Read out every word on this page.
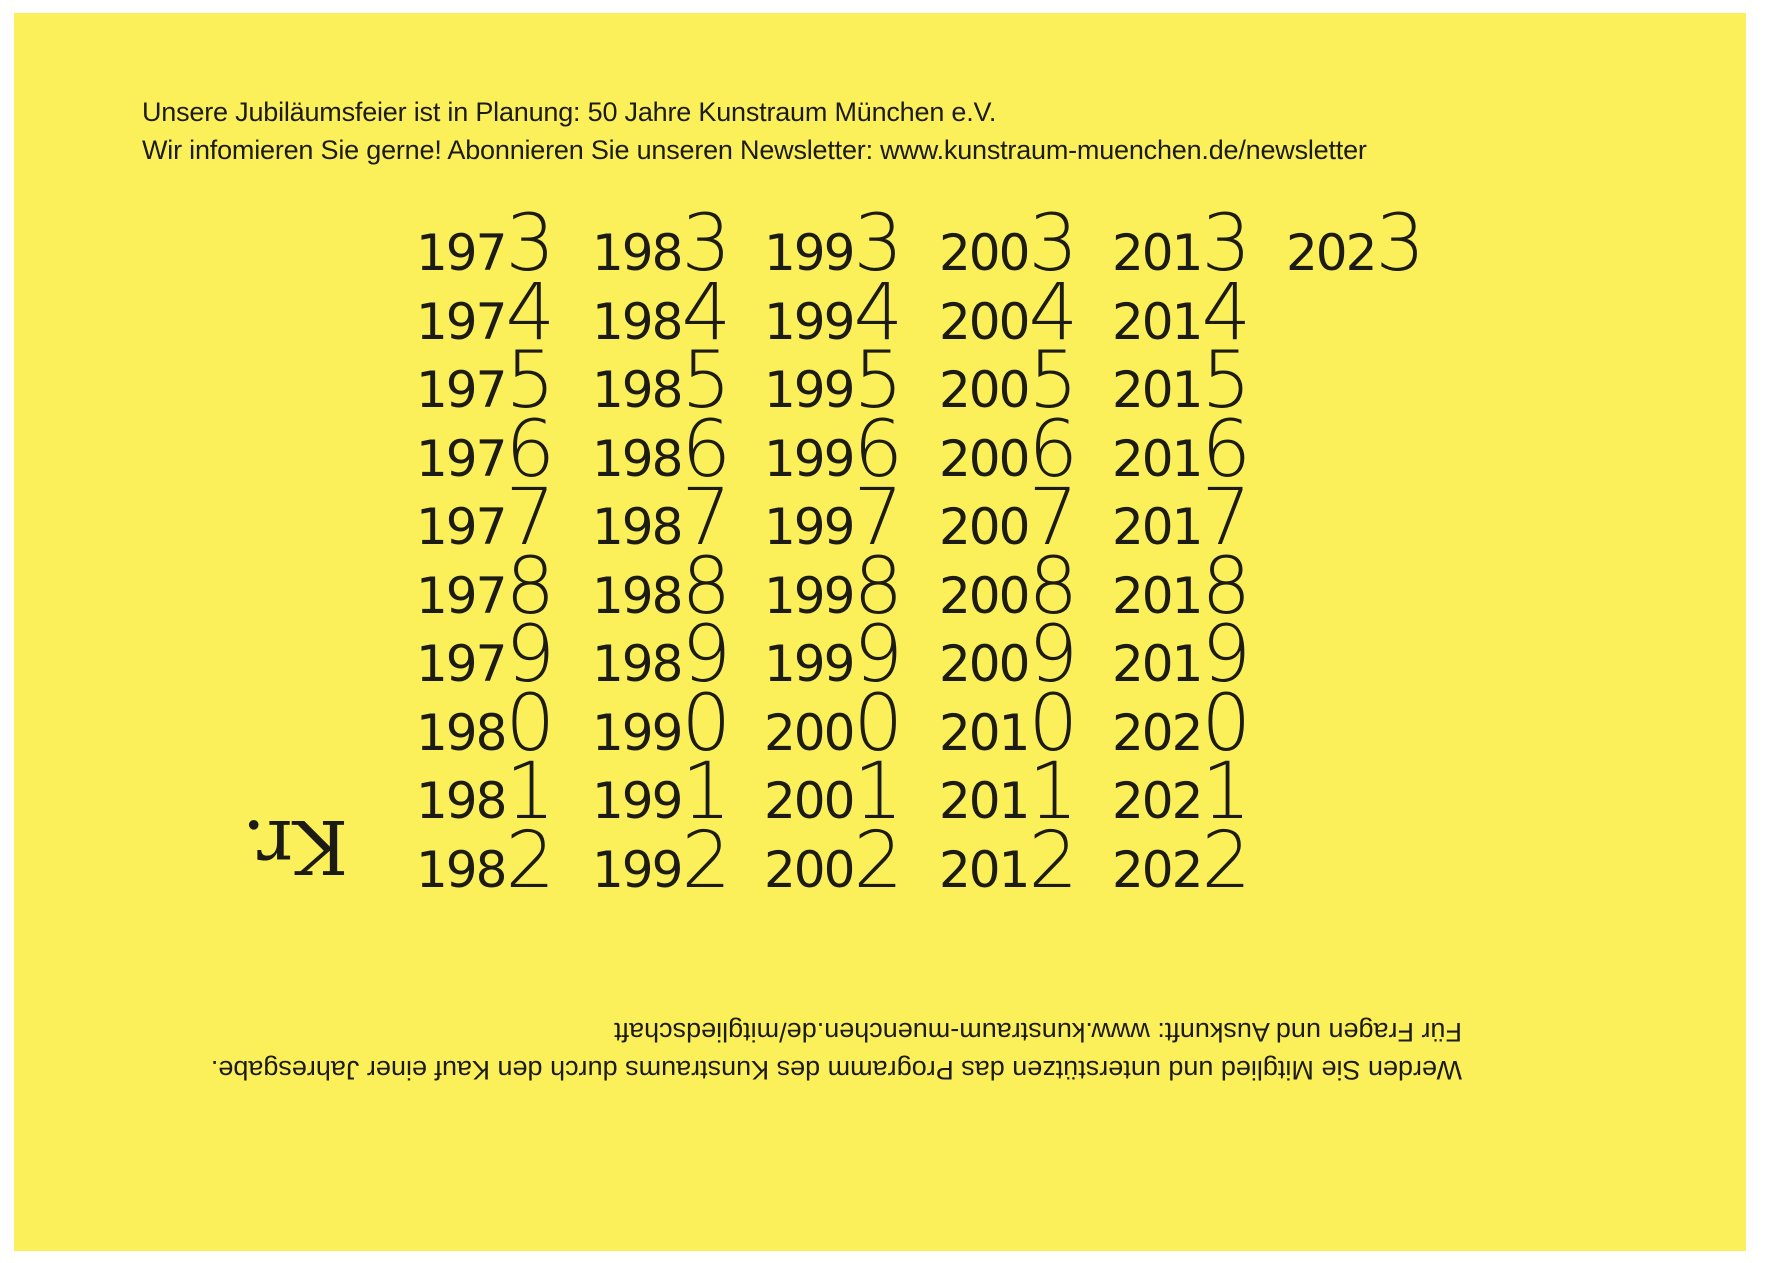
Unsere Jubiläumsfeier ist in Planung: 50 Jahre Kunstraum München e.V.
Wir infomieren Sie gerne! Abonnieren Sie unseren Newsletter: www.kunstraum-muenchen.de/newsletter
1973
1974
1975
1976
1977
1978
1979
1980
1981
1982
1983
1984
1985
1986
1987
1988
1989
1990
1991
1992
1993
1994
1995
1996
1997
1998
1999
2000
2001
2002
2003
2004
2005
2006
2007
2008
2009
2010
2011
2012
2013
2014
2015
2016
2017
2018
2019
2020
2021
2022
2023
Kr.
Werden Sie Mitglied und unterstützen das Programm des Kunstraums durch den Kauf einer Jahresgabe.
Für Fragen und Auskunft: www.kunstraum-muenchen.de/mitgliedschaft
